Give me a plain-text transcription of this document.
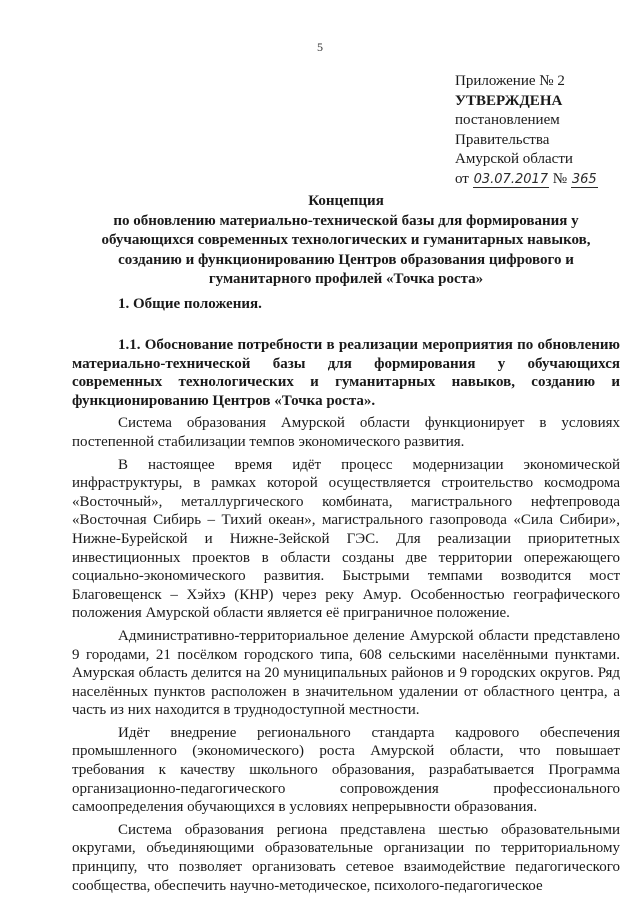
5
Приложение № 2
УТВЕРЖДЕНА
постановлением
Правительства
Амурской области
от 03.07.2017 № 365
Концепция
по обновлению материально-технической базы для формирования у
обучающихся современных технологических и гуманитарных навыков,
созданию и функционированию Центров образования цифрового и
гуманитарного профилей «Точка роста»
1. Общие положения.

1.1. Обоснование потребности в реализации мероприятия по обновлению материально-технической базы для формирования у обучающихся современных технологических и гуманитарных навыков, созданию и функционированию Центров «Точка роста».

Система образования Амурской области функционирует в условиях постепенной стабилизации темпов экономического развития.

В настоящее время идёт процесс модернизации экономической инфраструктуры, в рамках которой осуществляется строительство космодрома «Восточный», металлургического комбината, магистрального нефтепровода «Восточная Сибирь – Тихий океан», магистрального газопровода «Сила Сибири», Нижне-Бурейской и Нижне-Зейской ГЭС. Для реализации приоритетных инвестиционных проектов в области созданы две территории опережающего социально-экономического развития. Быстрыми темпами возводится мост Благовещенск – Хэйхэ (КНР) через реку Амур. Особенностью географического положения Амурской области является её приграничное положение.

Административно-территориальное деление Амурской области представлено 9 городами, 21 посёлком городского типа, 608 сельскими населёнными пунктами. Амурская область делится на 20 муниципальных районов и 9 городских округов. Ряд населённых пунктов расположен в значительном удалении от областного центра, а часть из них находится в труднодоступной местности.

Идёт внедрение регионального стандарта кадрового обеспечения промышленного (экономического) роста Амурской области, что повышает требования к качеству школьного образования, разрабатывается Программа организационно-педагогического сопровождения профессионального самоопределения обучающихся в условиях непрерывности образования.

Система образования региона представлена шестью образовательными округами, объединяющими образовательные организации по территориальному принципу, что позволяет организовать сетевое взаимодействие педагогического сообщества, обеспечить научно-методическое, психолого-педагогическое
